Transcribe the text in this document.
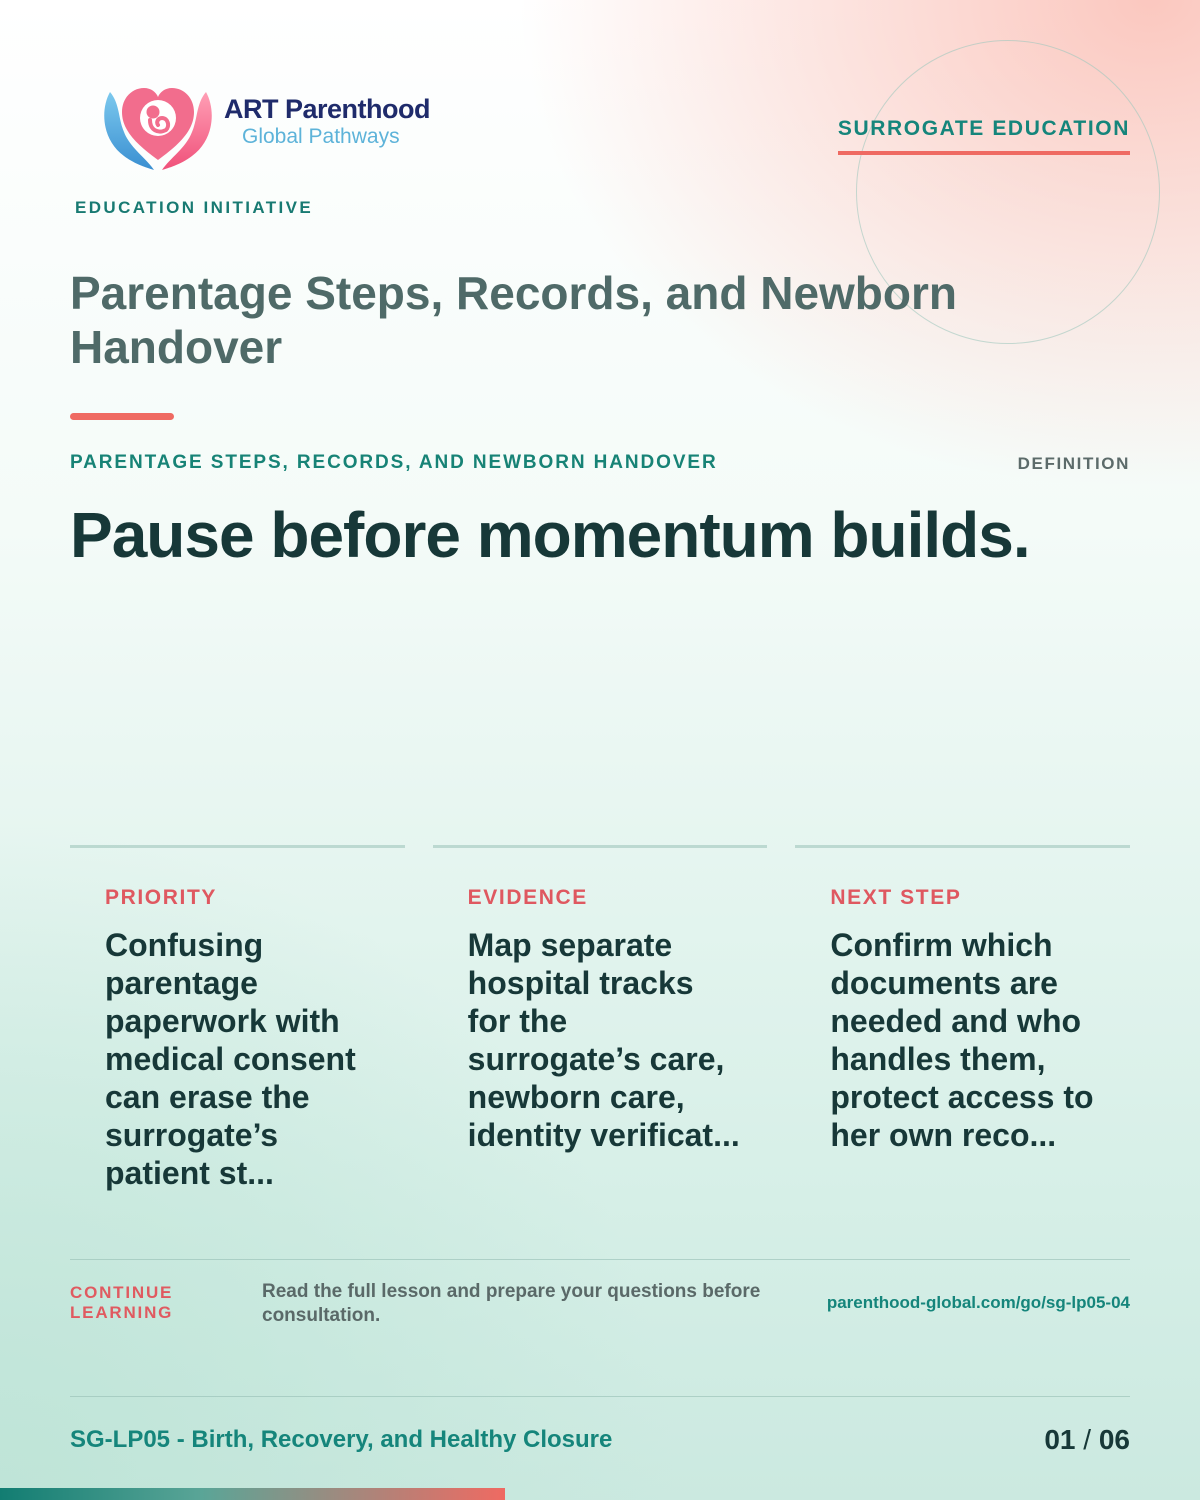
ART Parenthood
Global Pathways
EDUCATION INITIATIVE
SURROGATE EDUCATION
Parentage Steps, Records, and Newborn Handover
PARENTAGE STEPS, RECORDS, AND NEWBORN HANDOVER	DEFINITION
Pause before momentum builds.
PRIORITY
Confusing parentage paperwork with medical consent can erase the surrogate’s patient st...
EVIDENCE
Map separate hospital tracks for the surrogate’s care, newborn care, identity verificat...
NEXT STEP
Confirm which documents are needed and who handles them, protect access to her own reco...
CONTINUE
LEARNING
Read the full lesson and prepare your questions before consultation.
parenthood-global.com/go/sg-lp05-04
SG-LP05 - Birth, Recovery, and Healthy Closure	01 / 06
